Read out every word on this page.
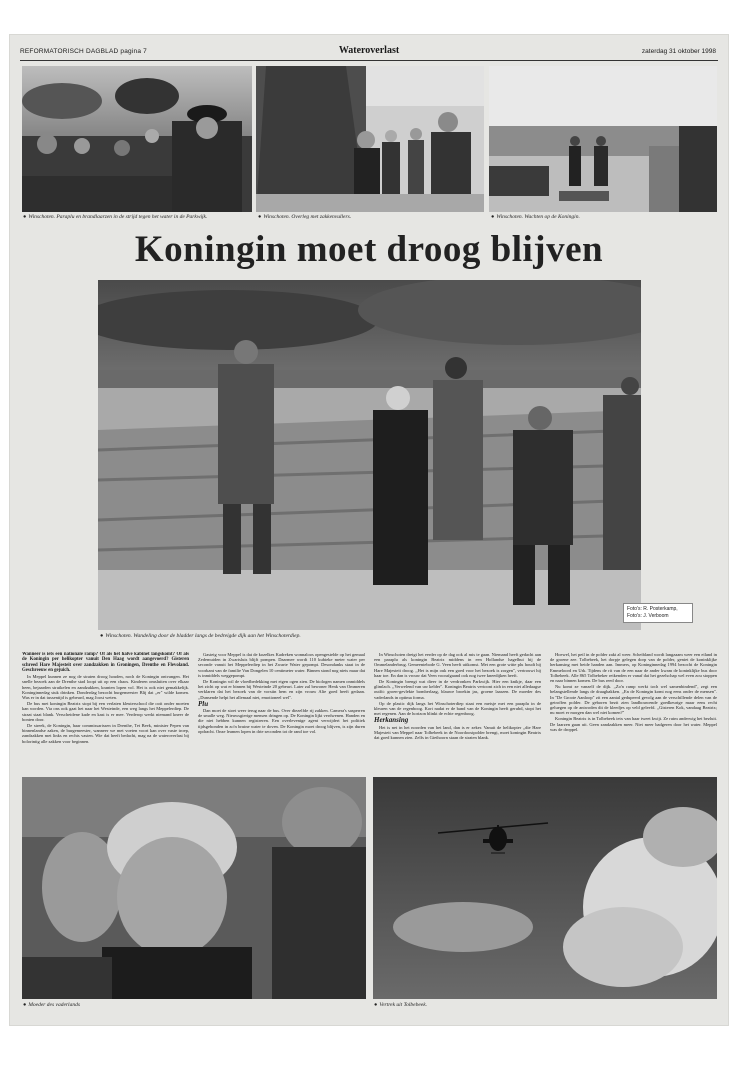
REFORMATORISCH DAGBLAD pagina 7	Wateroverlast	zaterdag 31 oktober 1998
● Winschoten. Paraplu en brandlaarzen in de strijd tegen het water in de Parkwijk.	● Winschoten. Overleg met zakkenvullers.	● Winschoten. Wachten op de Koningin.
Koningin moet droog blijven
Foto's: R. Posterkamp,
Foto's: J. Verboom
● Winschoten. Wandeling door de bladder langs de bedreigde dijk aan het Winschoterdiep.

Wanneer is iets een nationale ramp? Of als het halve kabinet langskomt? Of als de Koningin per helikopter vanuit Den Haag wordt aangevoerd? Gisteren schreed Hare Majesteit over zandzakken in Groningen, Drenthe en Flevoland. Geschreeuw en gejuich.

In Meppel kunnen ze nog de straten droog houden, noch de Koningin ontvangen. Het snelle bezoek aan de Drenthe stad loopt uit op een chaos. Kinderen omsluiten over elkaar heen, bejaarden struikelen en zandzakken, kranten lopen vol. Het is ook niet gemakkelijk. Koninginnedag stuk drinken. Donderdag bezocht burgemeester Blij dat ,,er" wilde komen. Was er in dat tussentijd is gebeurd, mag Joost weten.

De bus met koningin Beatrix stopt bij een verlaten kleuterschool die ooit onder moeten kan worden. Via ons ook gaat het naar het Westeinde, een weg langs het Meppelerdiep. De straat staat blank. Verscheidene kade en kast is er mee. Verderop werkt niemand kneer de bonten door.

De streek, de Koningin, haar commissarissen in Drenthe, Tet Beek, minister Pepen van binnenlandse zaken, de burgemeester, wanneer we met voeten voort kan over vaste troep, zandzakken met links en rechts vasten. Wie dat heeft bedacht, mag na de wateroverlast bij bolorintig alle zakken voor beginnen.

Gasteig voor Meppel is dat de kozelkes Kadreken wonnaloos opengestelde op het gemaal Zedemuiden in Zwartsluis blijft pompen. Daarmee wordt 110 kubieke meter water per seconde vanuit het Meppelerdiep in het Zwarte Water gepompt. Desondanks staat in de voorkant van de familie Van Dongelen 10 centimeter water. Binnen stond nog niets maar dat is inmiddels weggepompt.

De Koningin wil de vloedbedekking met eigen ogen zien. De biologen namen onmiddels het zicht op wat er binnen bij Westeinde 20 gebeurt. Later zal bewoner Henk van Ommeren verklaren dat het bezoek van de vorstin hem en zijn vrouw Alie goed heeft gedaan. ,,Dunsende helpt het allemaal niet, emotioneel wel".

Plu

Dan moet de stoet weer terug naar de bus. Over diezelfde rij zakken. Camera's sasperren de smalle weg. Nieuwsgierige mensen dringen op. De Koningin lijkt verdwenen. Handen en die niet hebben kunnen registreren. Een overlevenige agent verwijdert het politiek tijdsgebonden in zo'n bruine water te doven. De Koningin moet droog blijven, is zijn duren opdracht. Onze leamen lopen in drie seconden tot de rand toe vol.

In Winschoten dreigt het eerder op de dag ook al mis te gaan. Niemand heeft gedacht aan een paraplu als koningin Beatrix middens in een Hollandse hagelbui bij de Ommelanderbrug. Gemeentebode G. Veen heeft uitkomst. Met een grote witte plu houdt hij Hare Majesteit droog. ,,Het is mijn ouk een goed voor het bezoek is zorgen", vertrouwt hij haar toe. En dan is vrouw dat Veen voorafgaand ook nog twee kneedijken heeft.

De Koningin brengt wat dieer in de verdronken Parkwijk. Hier een knikje, daar een glimlach. ,,Verwelend van uw kelder". Koningin Beatrix vertoont zich in een niet alledaagse outfit: groen-gevlekte bomberlaag, blauwe broekin jas, groene laarzen. De moeder des vaderlands in optima forma.

Op de plastic dijk langs het Winschoterdiep staat een meisje met een paraplu in de kleuren van de regenboog. Kort nadat er de band van de Koningin heeft gerubd, stopt het met regenen. Aan de horizon blinkt de echte regenboog.

Herkansing

Het is net in het noorden van het land, dan is er zeker. Vanuit de helikopter ,,die Hare Majesteit van Meppel naar Tolbebeek in de Noordoostpolder brengt, moet koningin Beatrix dat goed kunnen zien. Zelfs in Giethoorn staan de straten blank.

Hoewel, het peil in de polder zakt al weer. Scheibland wordt langzaam weer een eiland in de groene zee. Tolbebeek, het dorpje gelegen dorp van de polder, geniet de koninklijke herkansing met beide handen aan. Immers, op Koninginnedag 1994 bezocht de Koningin Emmeloord en Urk. Tijdens de rit van de een naar de ander kwam de koninklijke bus door Tolbebeek. Alle 865 Tolbebeker reikenden er vanaf dat het gezelschap wel even zou stoppen en naar binnen komen. De bus reed door.

Nu komt ze vanzelf de dijk. ,,Zo'n ramp werkt toch wel samenbindend", zegt een belangstellende langs de draagbakken. ,,En de Koningin komt nog eens onder de mensen". In "De Groote Aanloop" zit een aantal gedupeerd gevolg aan de verschillende delen van de getroffen polder. De geboren bezit zien landbouwende goedkeurige maar eens recht geluegen op de antwoden dit de kleedjes op veld geleefd. ,,Gisteren Kok, vandaag Beatrix; nu moet er morgen dan wel niet komen?"

Koningin Beatrix is in Tolbebeek ietx van haar tweet kwijt. Ze ruim anderwig het bezluit. De laarzen gaan uit. Geen zandzakken meer. Niet meer badgeren door het water. Meppel was de droppel.

● Moeder des vaderlands	● Vertrek uit Tolbebeek.
